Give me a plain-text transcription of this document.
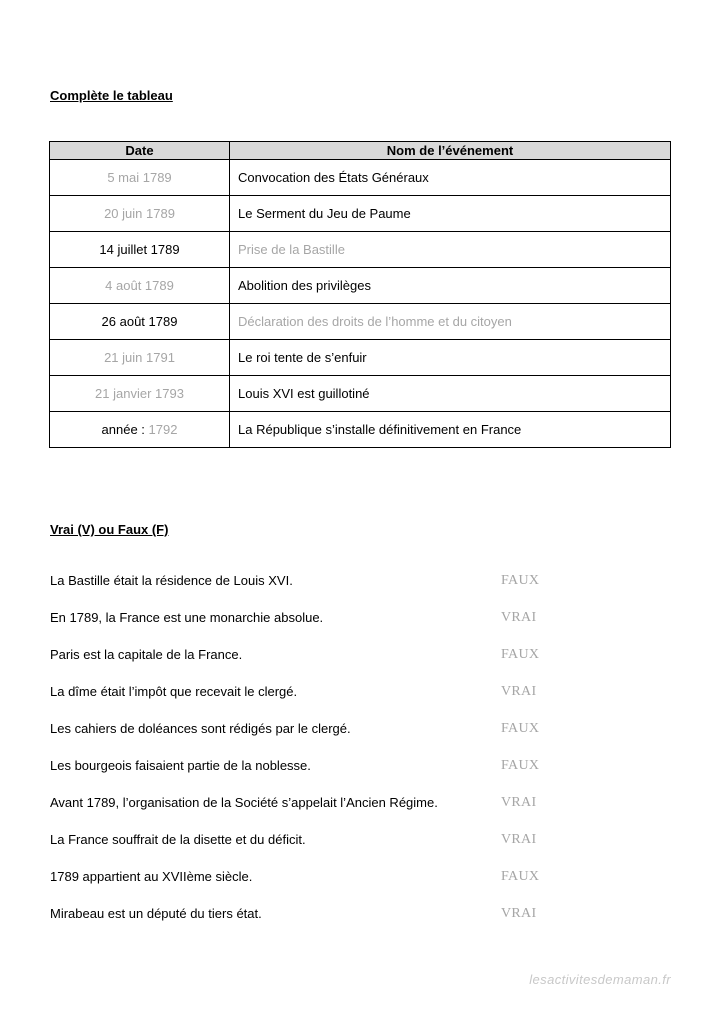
Complète le tableau
Date	Nom de l’événement
5 mai 1789	Convocation des États Généraux
20 juin 1789	Le Serment du Jeu de Paume
14 juillet 1789	Prise de la Bastille
4 août 1789	Abolition des privilèges
26 août 1789	Déclaration des droits de l’homme et du citoyen
21 juin 1791	Le roi tente de s’enfuir
21 janvier 1793	Louis XVI est guillotiné
année : 1792	La République s’installe définitivement en France
Vrai (V) ou Faux (F)
La Bastille était la résidence de Louis XVI.	FAUX
En 1789, la France est une monarchie absolue.	VRAI
Paris est la capitale de la France.	FAUX
La dîme était l’impôt que recevait le clergé.	VRAI
Les cahiers de doléances sont rédigés par le clergé.	FAUX
Les bourgeois faisaient partie de la noblesse.	FAUX
Avant 1789, l’organisation de la Société s’appelait l’Ancien Régime.	VRAI
La France souffrait de la disette et du déficit.	VRAI
1789 appartient au XVIIème siècle.	FAUX
Mirabeau est un député du tiers état.	VRAI
lesactivitesdemaman.fr
